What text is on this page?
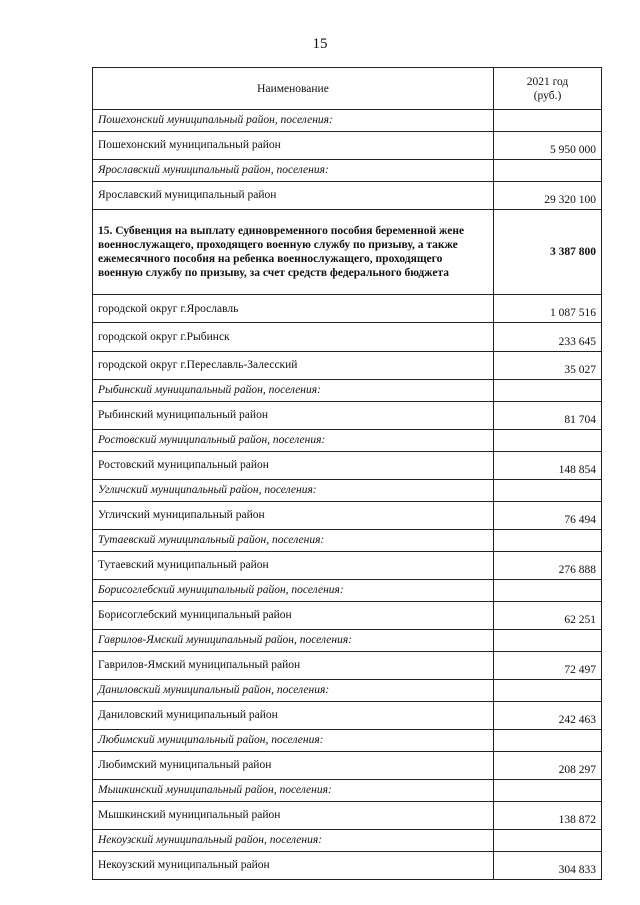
15
Наименование	2021 год
(руб.)
Пошехонский муниципальный район, поселения:	
Пошехонский муниципальный район	5 950 000
Ярославский муниципальный район, поселения:	
Ярославский муниципальный район	29 320 100
15. Субвенция на выплату единовременного пособия беременной жене военнослужащего, проходящего военную службу по призыву, а также ежемесячного пособия на ребенка военнослужащего, проходящего военную службу по призыву, за счет средств федерального бюджета	3 387 800
городской округ г.Ярославль	1 087 516
городской округ г.Рыбинск	233 645
городской округ г.Переславль-Залесский	35 027
Рыбинский муниципальный район, поселения:	
Рыбинский муниципальный район	81 704
Ростовский муниципальный район, поселения:	
Ростовский муниципальный район	148 854
Угличский муниципальный район, поселения:	
Угличский муниципальный район	76 494
Тутаевский муниципальный район, поселения:	
Тутаевский муниципальный район	276 888
Борисоглебский муниципальный район, поселения:	
Борисоглебский муниципальный район	62 251
Гаврилов-Ямский муниципальный район, поселения:	
Гаврилов-Ямский муниципальный район	72 497
Даниловский муниципальный район, поселения:	
Даниловский муниципальный район	242 463
Любимский муниципальный район, поселения:	
Любимский муниципальный район	208 297
Мышкинский муниципальный район, поселения:	
Мышкинский муниципальный район	138 872
Некоузский муниципальный район, поселения:	
Некоузский муниципальный район	304 833
